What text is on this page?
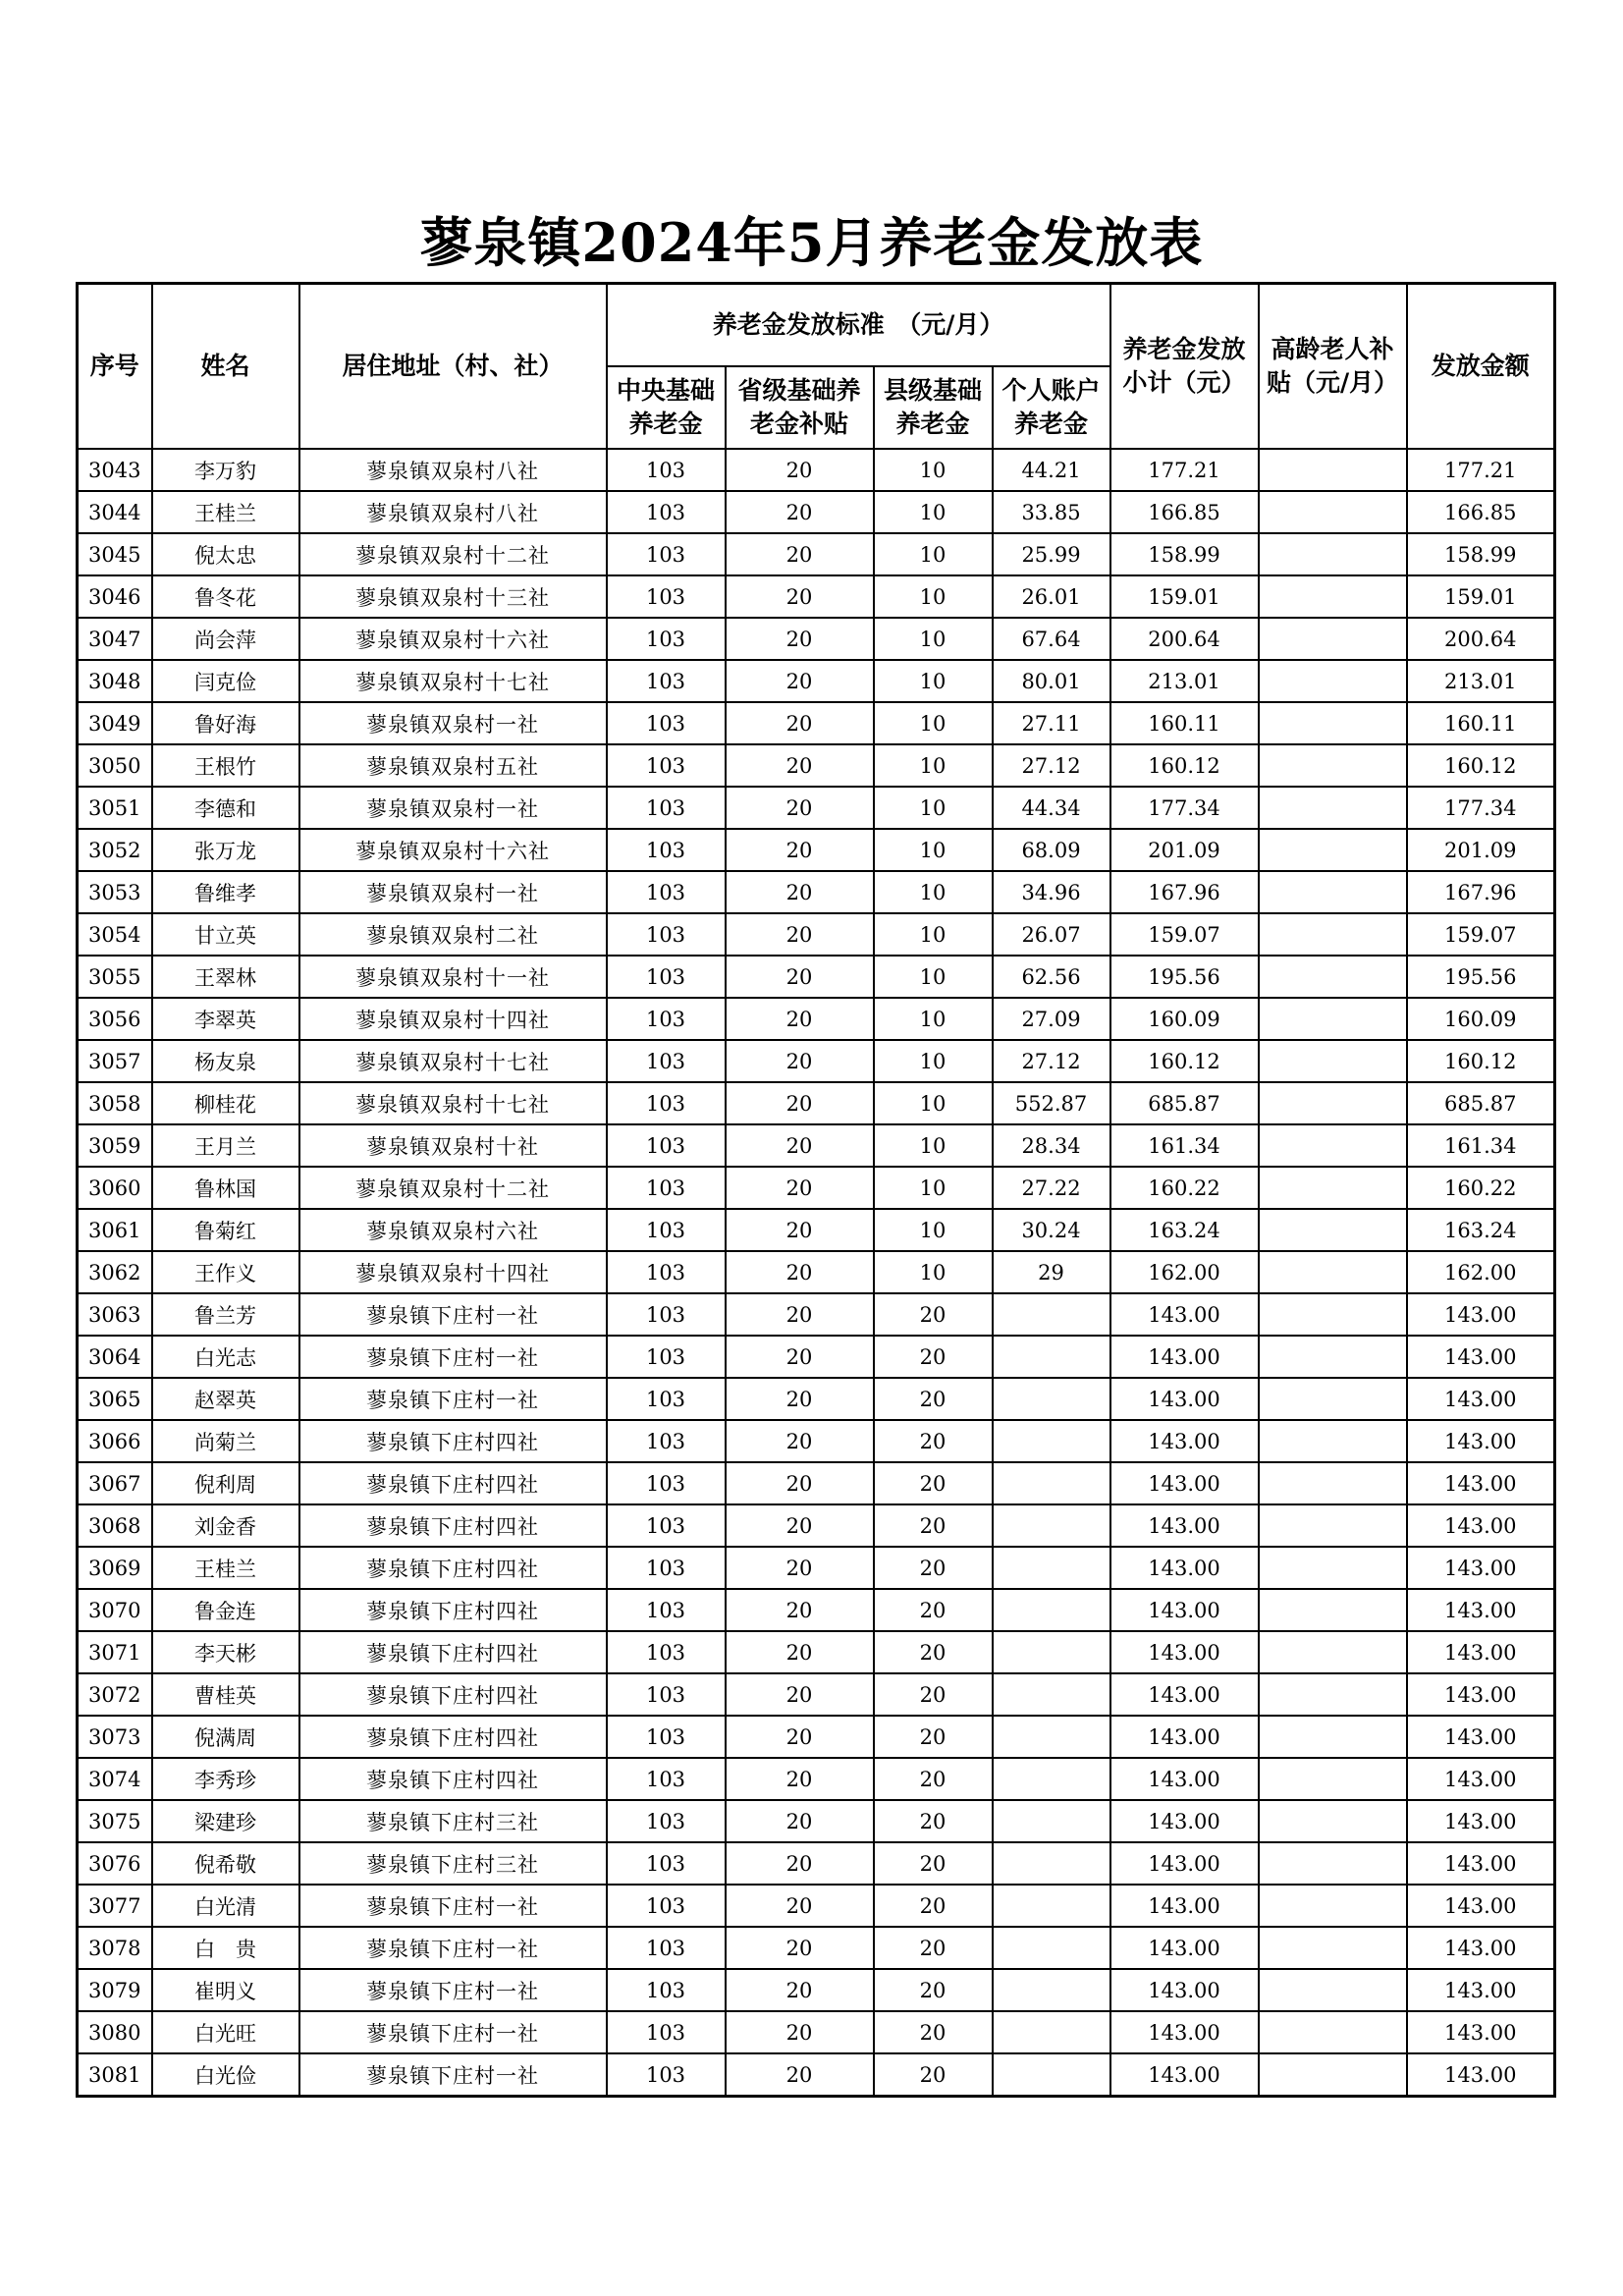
蓼泉镇2024年5月养老金发放表
序号	姓名	居住地址（村、社）	养老金发放标准　（元/月）				养老金发放小计（元）	高龄老人补贴（元/月）	发放金额
			中央基础养老金	省级基础养老金补贴	县级基础养老金	个人账户养老金			
3043	李万豹	蓼泉镇双泉村八社	103	20	10	44.21	177.21		177.21
3044	王桂兰	蓼泉镇双泉村八社	103	20	10	33.85	166.85		166.85
3045	倪太忠	蓼泉镇双泉村十二社	103	20	10	25.99	158.99		158.99
3046	鲁冬花	蓼泉镇双泉村十三社	103	20	10	26.01	159.01		159.01
3047	尚会萍	蓼泉镇双泉村十六社	103	20	10	67.64	200.64		200.64
3048	闫克俭	蓼泉镇双泉村十七社	103	20	10	80.01	213.01		213.01
3049	鲁好海	蓼泉镇双泉村一社	103	20	10	27.11	160.11		160.11
3050	王根竹	蓼泉镇双泉村五社	103	20	10	27.12	160.12		160.12
3051	李德和	蓼泉镇双泉村一社	103	20	10	44.34	177.34		177.34
3052	张万龙	蓼泉镇双泉村十六社	103	20	10	68.09	201.09		201.09
3053	鲁维孝	蓼泉镇双泉村一社	103	20	10	34.96	167.96		167.96
3054	甘立英	蓼泉镇双泉村二社	103	20	10	26.07	159.07		159.07
3055	王翠林	蓼泉镇双泉村十一社	103	20	10	62.56	195.56		195.56
3056	李翠英	蓼泉镇双泉村十四社	103	20	10	27.09	160.09		160.09
3057	杨友泉	蓼泉镇双泉村十七社	103	20	10	27.12	160.12		160.12
3058	柳桂花	蓼泉镇双泉村十七社	103	20	10	552.87	685.87		685.87
3059	王月兰	蓼泉镇双泉村十社	103	20	10	28.34	161.34		161.34
3060	鲁林国	蓼泉镇双泉村十二社	103	20	10	27.22	160.22		160.22
3061	鲁菊红	蓼泉镇双泉村六社	103	20	10	30.24	163.24		163.24
3062	王作义	蓼泉镇双泉村十四社	103	20	10	29	162.00		162.00
3063	鲁兰芳	蓼泉镇下庄村一社	103	20	20		143.00		143.00
3064	白光志	蓼泉镇下庄村一社	103	20	20		143.00		143.00
3065	赵翠英	蓼泉镇下庄村一社	103	20	20		143.00		143.00
3066	尚菊兰	蓼泉镇下庄村四社	103	20	20		143.00		143.00
3067	倪利周	蓼泉镇下庄村四社	103	20	20		143.00		143.00
3068	刘金香	蓼泉镇下庄村四社	103	20	20		143.00		143.00
3069	王桂兰	蓼泉镇下庄村四社	103	20	20		143.00		143.00
3070	鲁金连	蓼泉镇下庄村四社	103	20	20		143.00		143.00
3071	李天彬	蓼泉镇下庄村四社	103	20	20		143.00		143.00
3072	曹桂英	蓼泉镇下庄村四社	103	20	20		143.00		143.00
3073	倪满周	蓼泉镇下庄村四社	103	20	20		143.00		143.00
3074	李秀珍	蓼泉镇下庄村四社	103	20	20		143.00		143.00
3075	梁建珍	蓼泉镇下庄村三社	103	20	20		143.00		143.00
3076	倪希敬	蓼泉镇下庄村三社	103	20	20		143.00		143.00
3077	白光清	蓼泉镇下庄村一社	103	20	20		143.00		143.00
3078	白　贵	蓼泉镇下庄村一社	103	20	20		143.00		143.00
3079	崔明义	蓼泉镇下庄村一社	103	20	20		143.00		143.00
3080	白光旺	蓼泉镇下庄村一社	103	20	20		143.00		143.00
3081	白光俭	蓼泉镇下庄村一社	103	20	20		143.00		143.00
